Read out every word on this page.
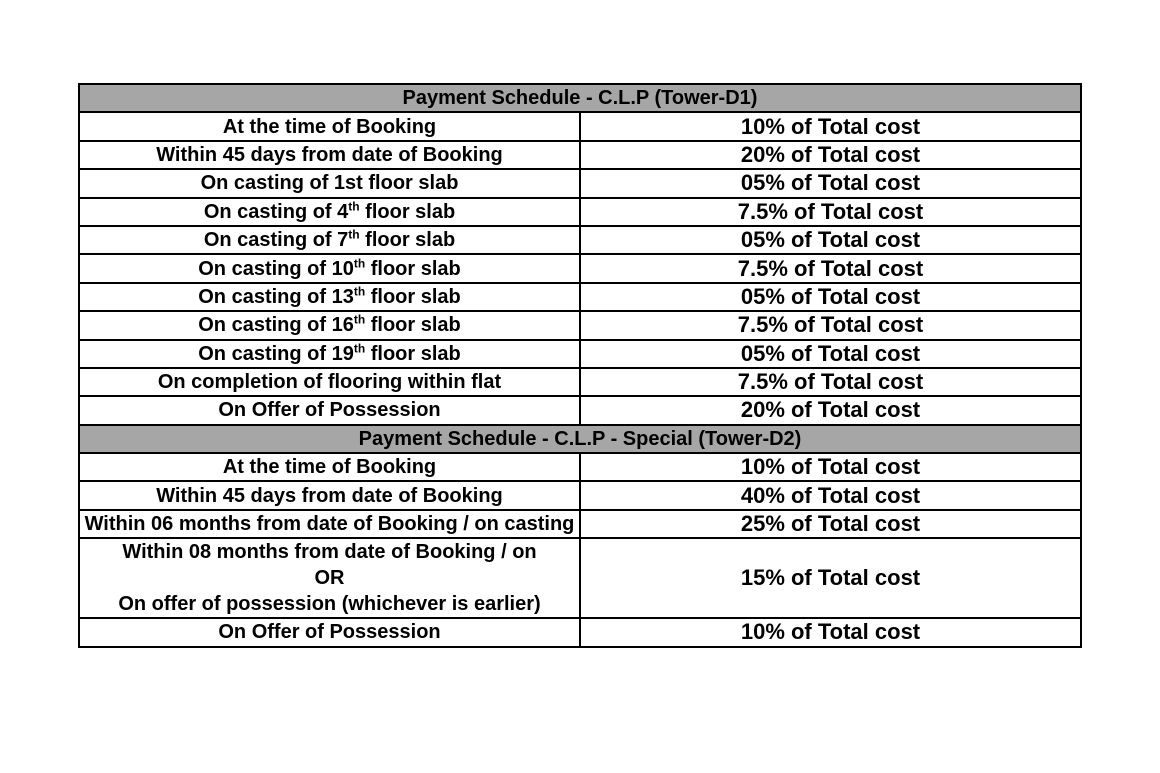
Payment Schedule - C.L.P (Tower-D1)	
At the time of Booking	10% of Total cost
Within 45 days from date of Booking	20% of Total cost
On casting of 1st floor slab	05% of Total cost
On casting of 4th floor slab	7.5% of Total cost
On casting of 7th floor slab	05% of Total cost
On casting of 10th floor slab	7.5% of Total cost
On casting of 13th floor slab	05% of Total cost
On casting of 16th floor slab	7.5% of Total cost
On casting of 19th floor slab	05% of Total cost
On completion of flooring within flat	7.5% of Total cost
On Offer of Possession	20% of Total cost
Payment Schedule - C.L.P - Special (Tower-D2)	
At the time of Booking	10% of Total cost
Within 45 days from date of Booking	40% of Total cost
Within 06 months from date of Booking / on casting	25% of Total cost

Within 08 months from date of Booking / on
OR
On offer of possession (whichever is earlier)	15% of Total cost
On Offer of Possession	10% of Total cost
